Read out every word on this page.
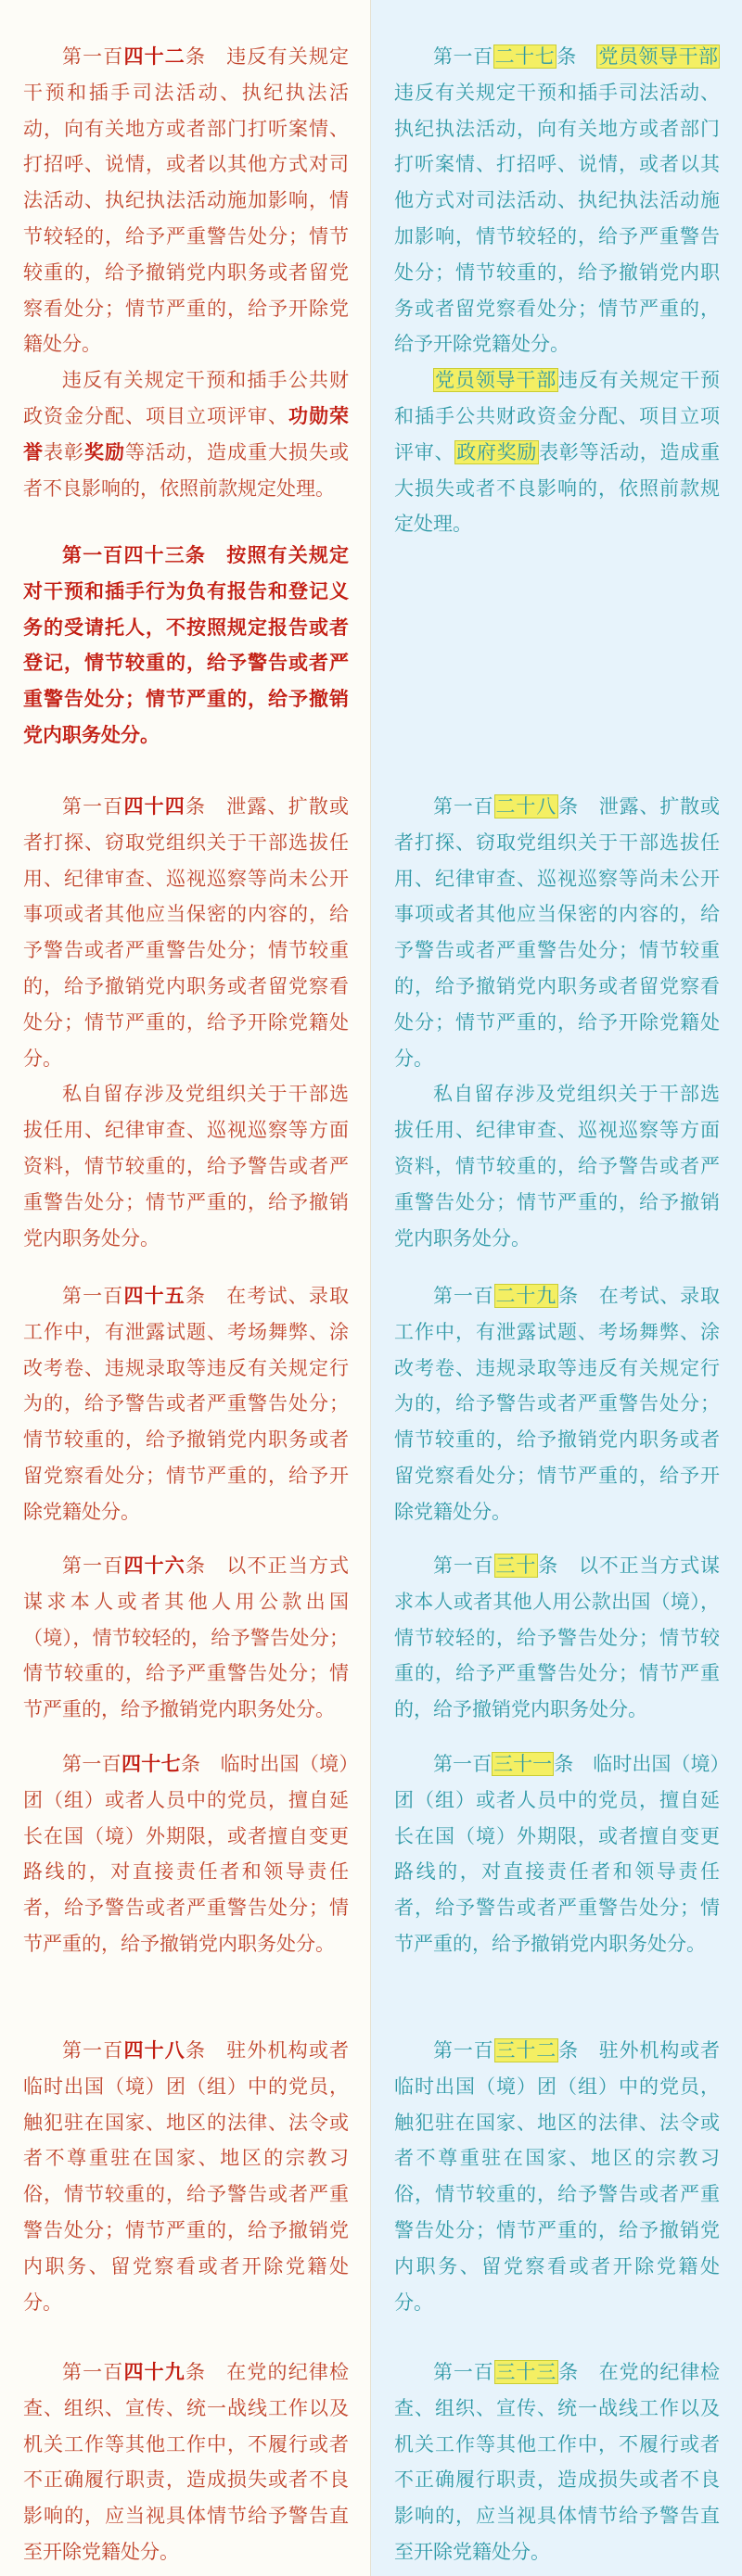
第一百四十二条　违反有关规定干预和插手司法活动、执纪执法活动，向有关地方或者部门打听案情、打招呼、说情，或者以其他方式对司法活动、执纪执法活动施加影响，情节较轻的，给予严重警告处分；情节较重的，给予撤销党内职务或者留党察看处分；情节严重的，给予开除党籍处分。

违反有关规定干预和插手公共财政资金分配、项目立项评审、功勋荣誉表彰奖励等活动，造成重大损失或者不良影响的，依照前款规定处理。

第一百四十三条　按照有关规定对干预和插手行为负有报告和登记义务的受请托人，不按照规定报告或者登记，情节较重的，给予警告或者严重警告处分；情节严重的，给予撤销党内职务处分。

第一百四十四条　泄露、扩散或者打探、窃取党组织关于干部选拔任用、纪律审查、巡视巡察等尚未公开事项或者其他应当保密的内容的，给予警告或者严重警告处分；情节较重的，给予撤销党内职务或者留党察看处分；情节严重的，给予开除党籍处分。

私自留存涉及党组织关于干部选拔任用、纪律审查、巡视巡察等方面资料，情节较重的，给予警告或者严重警告处分；情节严重的，给予撤销党内职务处分。

第一百四十五条　在考试、录取工作中，有泄露试题、考场舞弊、涂改考卷、违规录取等违反有关规定行为的，给予警告或者严重警告处分；情节较重的，给予撤销党内职务或者留党察看处分；情节严重的，给予开除党籍处分。

第一百四十六条　以不正当方式谋求本人或者其他人用公款出国（境），情节较轻的，给予警告处分；情节较重的，给予严重警告处分；情节严重的，给予撤销党内职务处分。

第一百四十七条　临时出国（境）团（组）或者人员中的党员，擅自延长在国（境）外期限，或者擅自变更路线的，对直接责任者和领导责任者，给予警告或者严重警告处分；情节严重的，给予撤销党内职务处分。

第一百四十八条　驻外机构或者临时出国（境）团（组）中的党员，触犯驻在国家、地区的法律、法令或者不尊重驻在国家、地区的宗教习俗，情节较重的，给予警告或者严重警告处分；情节严重的，给予撤销党内职务、留党察看或者开除党籍处分。

第一百四十九条　在党的纪律检查、组织、宣传、统一战线工作以及机关工作等其他工作中，不履行或者不正确履行职责，造成损失或者不良影响的，应当视具体情节给予警告直至开除党籍处分。

第一百二十七条　党员领导干部违反有关规定干预和插手司法活动、执纪执法活动，向有关地方或者部门打听案情、打招呼、说情，或者以其他方式对司法活动、执纪执法活动施加影响，情节较轻的，给予严重警告处分；情节较重的，给予撤销党内职务或者留党察看处分；情节严重的，给予开除党籍处分。

党员领导干部违反有关规定干预和插手公共财政资金分配、项目立项评审、政府奖励表彰等活动，造成重大损失或者不良影响的，依照前款规定处理。

第一百二十八条　泄露、扩散或者打探、窃取党组织关于干部选拔任用、纪律审查、巡视巡察等尚未公开事项或者其他应当保密的内容的，给予警告或者严重警告处分；情节较重的，给予撤销党内职务或者留党察看处分；情节严重的，给予开除党籍处分。

私自留存涉及党组织关于干部选拔任用、纪律审查、巡视巡察等方面资料，情节较重的，给予警告或者严重警告处分；情节严重的，给予撤销党内职务处分。

第一百二十九条　在考试、录取工作中，有泄露试题、考场舞弊、涂改考卷、违规录取等违反有关规定行为的，给予警告或者严重警告处分；情节较重的，给予撤销党内职务或者留党察看处分；情节严重的，给予开除党籍处分。

第一百三十条　以不正当方式谋求本人或者其他人用公款出国（境），情节较轻的，给予警告处分；情节较重的，给予严重警告处分；情节严重的，给予撤销党内职务处分。

第一百三十一条　临时出国（境）团（组）或者人员中的党员，擅自延长在国（境）外期限，或者擅自变更路线的，对直接责任者和领导责任者，给予警告或者严重警告处分；情节严重的，给予撤销党内职务处分。

第一百三十二条　驻外机构或者临时出国（境）团（组）中的党员，触犯驻在国家、地区的法律、法令或者不尊重驻在国家、地区的宗教习俗，情节较重的，给予警告或者严重警告处分；情节严重的，给予撤销党内职务、留党察看或者开除党籍处分。

第一百三十三条　在党的纪律检查、组织、宣传、统一战线工作以及机关工作等其他工作中，不履行或者不正确履行职责，造成损失或者不良影响的，应当视具体情节给予警告直至开除党籍处分。
